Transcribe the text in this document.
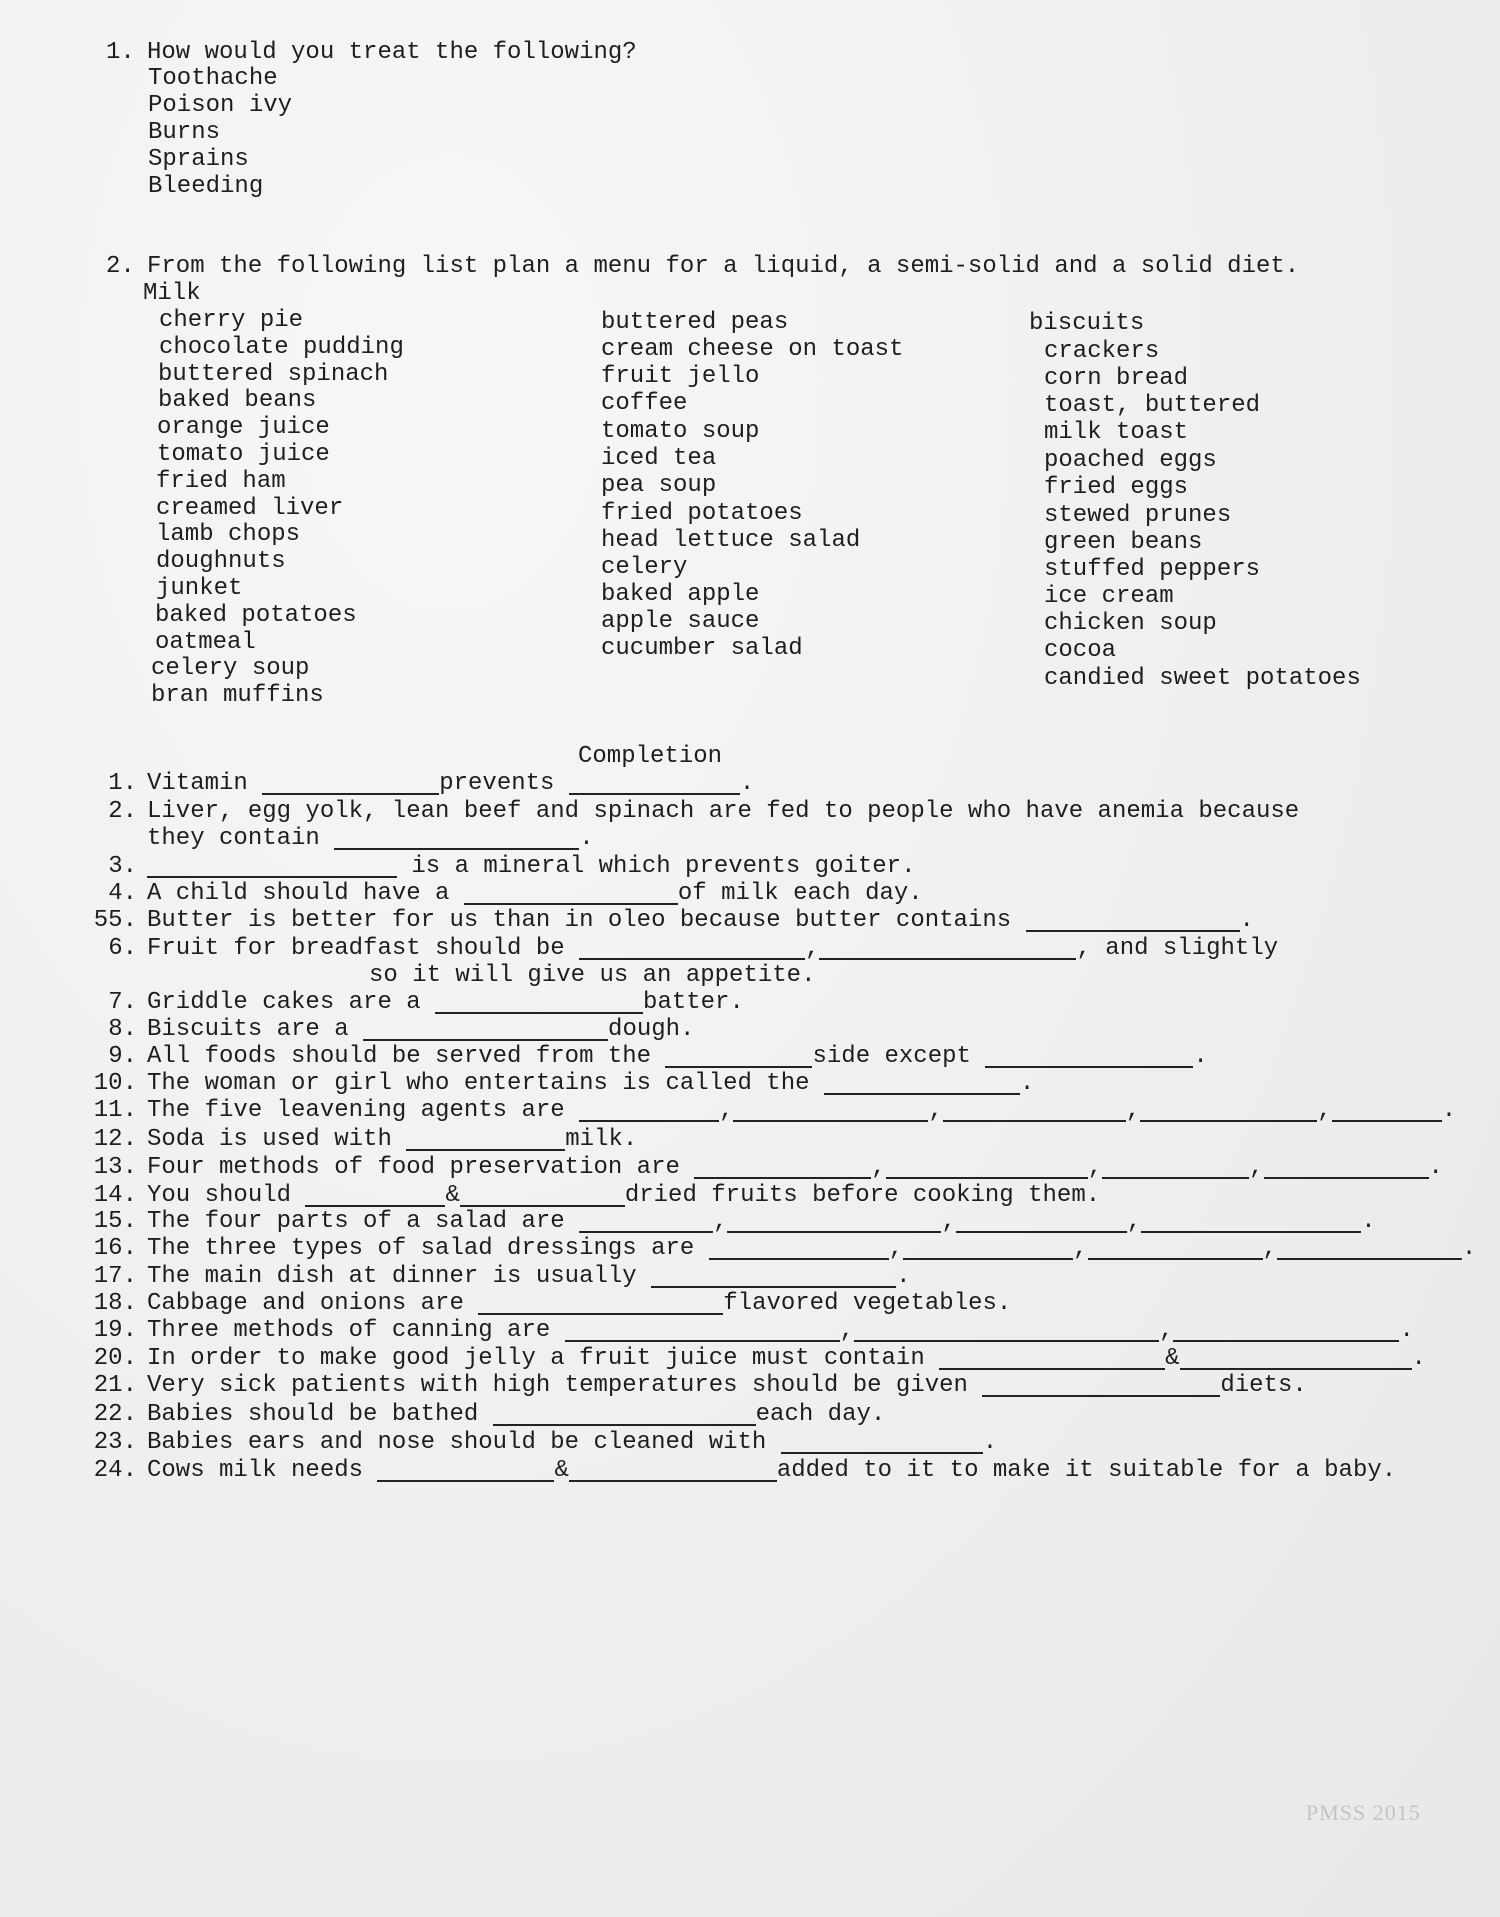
1. How would you treat the following?
Toothache
Poison ivy
Burns
Sprains
Bleeding
2. From the following list plan a menu for a liquid, a semi-solid and a solid diet.
Milk
cherry pie
chocolate pudding
buttered spinach
baked beans
orange juice
tomato juice
fried ham
creamed liver
lamb chops
doughnuts
junket
baked potatoes
oatmeal
celery soup
bran muffins
buttered peas
cream cheese on toast
fruit jello
coffee
tomato soup
iced tea
pea soup
fried potatoes
head lettuce salad
celery
baked apple
apple sauce
cucumber salad
biscuits
crackers
corn bread
toast, buttered
milk toast
poached eggs
fried eggs
stewed prunes
green beans
stuffed peppers
ice cream
chicken soup
cocoa
candied sweet potatoes
Completion
1. Vitamin	prevents	.
2. Liver, egg yolk, lean beef and spinach are fed to people who have anemia because
they contain	.
3.	is a mineral which prevents goiter.
4. A child should have a	of milk each day.
55. Butter is better for us than in oleo because butter contains	.
6. Fruit for breadfast should be	,	, and slightly
so it will give us an appetite.
7. Griddle cakes are a	batter.
8. Biscuits are a	dough.
9. All foods should be served from the	side except	.
10. The woman or girl who entertains is called the	.
11. The five leavening agents are	,	,	,	,	.
12. Soda is used with	milk.
13. Four methods of food preservation are	,	,	,	.
14. You should	&	dried fruits before cooking them.
15. The four parts of a salad are	,	,	,	.
16. The three types of salad dressings are	,	,	,	.
17. The main dish at dinner is usually	.
18. Cabbage and onions are	flavored vegetables.
19. Three methods of canning are	,	,	.
20. In order to make good jelly a fruit juice must contain	&	.
21. Very sick patients with high temperatures should be given	diets.
22. Babies should be bathed	each day.
23. Babies ears and nose should be cleaned with	.
24. Cows milk needs	&	added to it to make it suitable for a baby.
PMSS 2015
